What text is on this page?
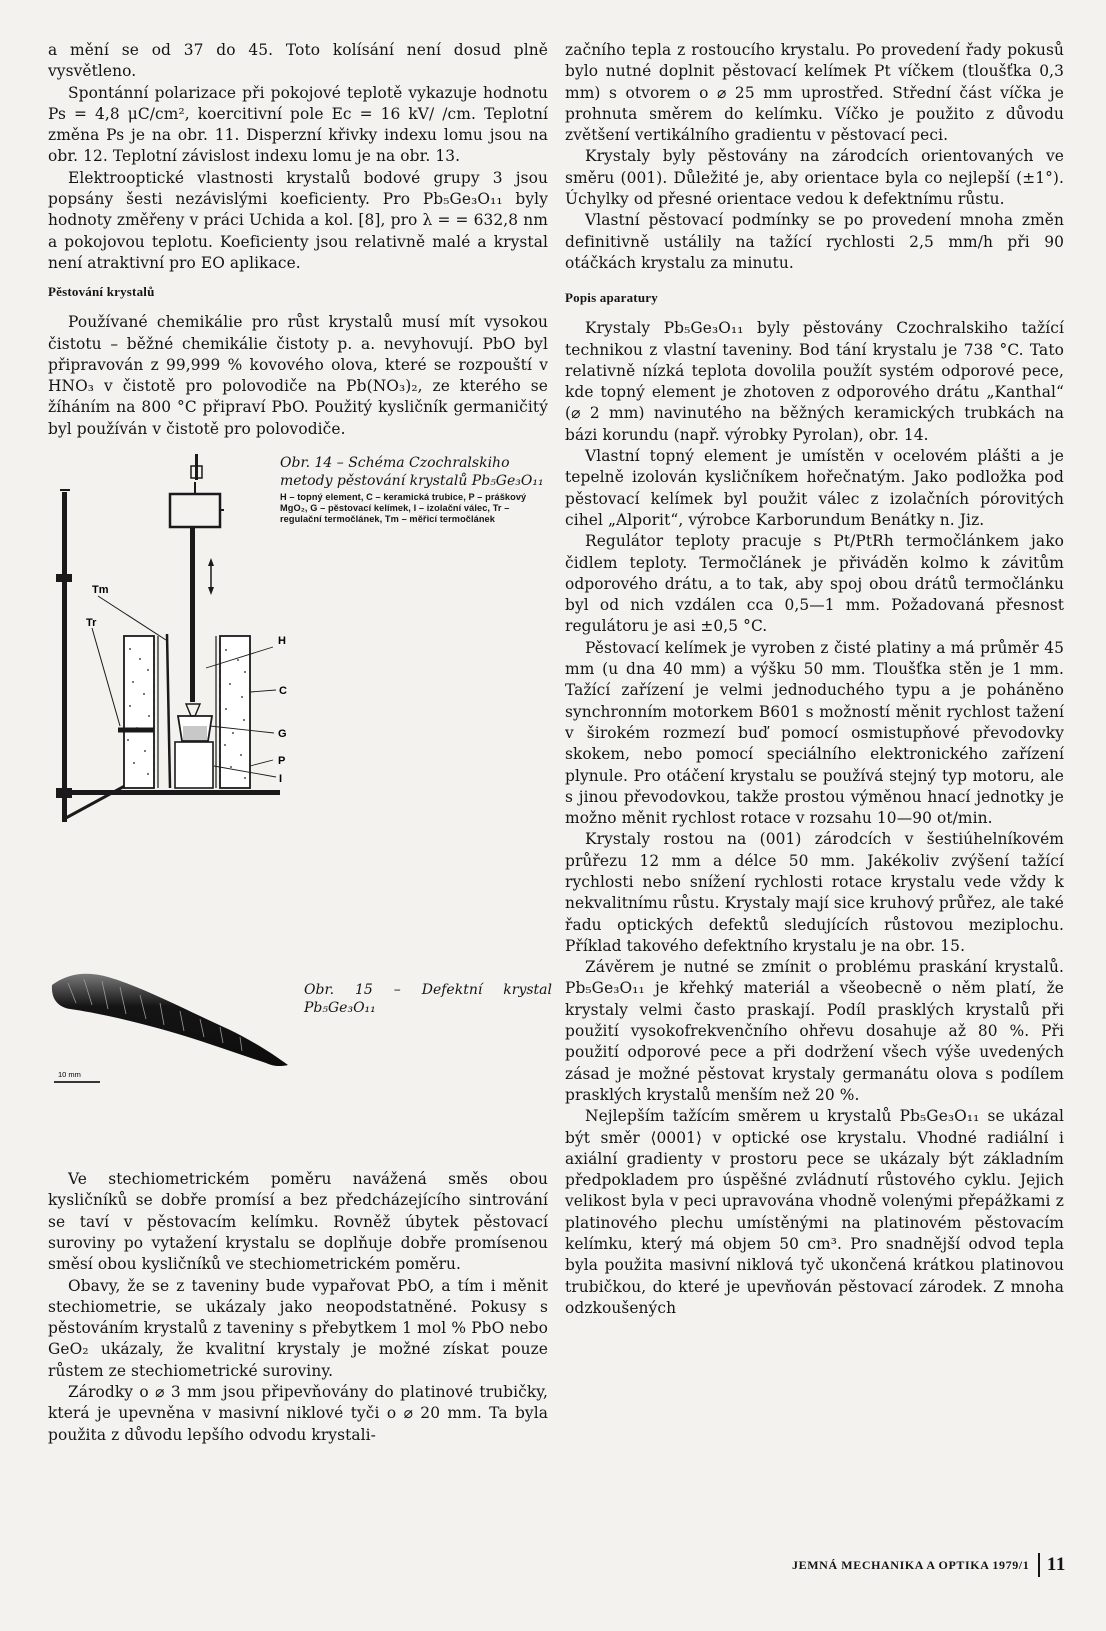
a mění se od 37 do 45. Toto kolísání není dosud plně vysvětleno.

Spontánní polarizace při pokojové teplotě vykazuje hodnotu Ps = 4,8 μC/cm², koercitivní pole Ec = 16 kV/ /cm. Teplotní změna Ps je na obr. 11. Disperzní křivky indexu lomu jsou na obr. 12. Teplotní závislost indexu lomu je na obr. 13.

Elektrooptické vlastnosti krystalů bodové grupy 3 jsou popsány šesti nezávislými koeficienty. Pro Pb₅Ge₃O₁₁ byly hodnoty změřeny v práci Uchida a kol. [8], pro λ = = 632,8 nm a pokojovou teplotu. Koeficienty jsou relativně malé a krystal není atraktivní pro EO aplikace.

Pěstování krystalů

Používané chemikálie pro růst krystalů musí mít vysokou čistotu – běžné chemikálie čistoty p. a. nevyhovují. PbO byl připravován z 99,999 % kovového olova, které se rozpouští v HNO₃ v čistotě pro polovodiče na Pb(NO₃)₂, ze kterého se žíháním na 800 °C připraví PbO. Použitý kysličník germaničitý byl používán v čistotě pro polovodiče.

Tm
Tr
H
C
G
P
I
Obr. 14 – Schéma Czochralskiho metody pěstování krystalů Pb₅Ge₃O₁₁
H – topný element, C – keramická trubice, P – práškový MgO₂, G – pěstovací kelímek, I – izolační válec, Tr – regulační termočlánek, Tm – měřicí termočlánek
10 mm
Obr. 15 – Defektní krystal Pb₅Ge₃O₁₁

Ve stechiometrickém poměru navážená směs obou kysličníků se dobře promísí a bez předcházejícího sintrování se taví v pěstovacím kelímku. Rovněž úbytek pěstovací suroviny po vytažení krystalu se doplňuje dobře promísenou směsí obou kysličníků ve stechiometrickém poměru.

Obavy, že se z taveniny bude vypařovat PbO, a tím i měnit stechiometrie, se ukázaly jako neopodstatněné. Pokusy s pěstováním krystalů z taveniny s přebytkem 1 mol % PbO nebo GeO₂ ukázaly, že kvalitní krystaly je možné získat pouze růstem ze stechiometrické suroviny.

Zárodky o ⌀ 3 mm jsou připevňovány do platinové trubičky, která je upevněna v masivní niklové tyči o ⌀ 20 mm. Ta byla použita z důvodu lepšího odvodu krystali-

začního tepla z rostoucího krystalu. Po provedení řady pokusů bylo nutné doplnit pěstovací kelímek Pt víčkem (tloušťka 0,3 mm) s otvorem o ⌀ 25 mm uprostřed. Střední část víčka je prohnuta směrem do kelímku. Víčko je použito z důvodu zvětšení vertikálního gradientu v pěstovací peci.

Krystaly byly pěstovány na zárodcích orientovaných ve směru (001). Důležité je, aby orientace byla co nejlepší (±1°). Úchylky od přesné orientace vedou k defektnímu růstu.

Vlastní pěstovací podmínky se po provedení mnoha změn definitivně ustálily na tažící rychlosti 2,5 mm/h při 90 otáčkách krystalu za minutu.

Popis aparatury

Krystaly Pb₅Ge₃O₁₁ byly pěstovány Czochralskiho tažící technikou z vlastní taveniny. Bod tání krystalu je 738 °C. Tato relativně nízká teplota dovolila použít systém odporové pece, kde topný element je zhotoven z odporového drátu „Kanthal“ (⌀ 2 mm) navinutého na běžných keramických trubkách na bázi korundu (např. výrobky Pyrolan), obr. 14.

Vlastní topný element je umístěn v ocelovém plášti a je tepelně izolován kysličníkem hořečnatým. Jako podložka pod pěstovací kelímek byl použit válec z izolačních pórovitých cihel „Alporit“, výrobce Karborundum Benátky n. Jiz.

Regulátor teploty pracuje s Pt/PtRh termočlánkem jako čidlem teploty. Termočlánek je přiváděn kolmo k závitům odporového drátu, a to tak, aby spoj obou drátů termočlánku byl od nich vzdálen cca 0,5—1 mm. Požadovaná přesnost regulátoru je asi ±0,5 °C.

Pěstovací kelímek je vyroben z čisté platiny a má průměr 45 mm (u dna 40 mm) a výšku 50 mm. Tloušťka stěn je 1 mm. Tažící zařízení je velmi jednoduchého typu a je poháněno synchronním motorkem B601 s možností měnit rychlost tažení v širokém rozmezí buď pomocí osmistupňové převodovky skokem, nebo pomocí speciálního elektronického zařízení plynule. Pro otáčení krystalu se používá stejný typ motoru, ale s jinou převodovkou, takže prostou výměnou hnací jednotky je možno měnit rychlost rotace v rozsahu 10—90 ot/min.

Krystaly rostou na (001) zárodcích v šestiúhelníkovém průřezu 12 mm a délce 50 mm. Jakékoliv zvýšení tažící rychlosti nebo snížení rychlosti rotace krystalu vede vždy k nekvalitnímu růstu. Krystaly mají sice kruhový průřez, ale také řadu optických defektů sledujících růstovou meziplochu. Příklad takového defektního krystalu je na obr. 15.

Závěrem je nutné se zmínit o problému praskání krystalů. Pb₅Ge₃O₁₁ je křehký materiál a všeobecně o něm platí, že krystaly velmi často praskají. Podíl prasklých krystalů při použití vysokofrekvenčního ohřevu dosahuje až 80 %. Při použití odporové pece a při dodržení všech výše uvedených zásad je možné pěstovat krystaly germanátu olova s podílem prasklých krystalů menším než 20 %.

Nejlepším tažícím směrem u krystalů Pb₅Ge₃O₁₁ se ukázal být směr ⟨0001⟩ v optické ose krystalu. Vhodné radiální i axiální gradienty v prostoru pece se ukázaly být základním předpokladem pro úspěšné zvládnutí růstového cyklu. Jejich velikost byla v peci upravována vhodně volenými přepážkami z platinového plechu umístěnými na platinovém pěstovacím kelímku, který má objem 50 cm³. Pro snadnější odvod tepla byla použita masivní niklová tyč ukončená krátkou platinovou trubičkou, do které je upevňován pěstovací zárodek. Z mnoha odzkoušených

JEMNÁ MECHANIKA A OPTIKA 1979/1 11
